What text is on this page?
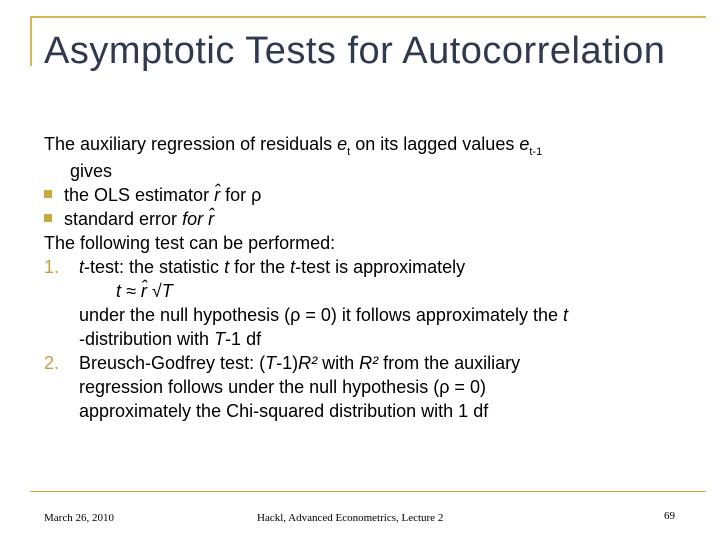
Asymptotic Tests for Autocorrelation
The auxiliary regression of residuals $e_t$ on its lagged values $e_{t-1}$
gives
the OLS estimator r̂ for ρ
standard error for r̂
The following test can be performed:
1. t-test: the statistic t for the t-test is approximately
t ≈ r̂ √T
under the null hypothesis (ρ = 0) it follows approximately the t
-distribution with T-1 df
2. Breusch-Godfrey test: (T-1)R² with R² from the auxiliary
regression follows under the null hypothesis (ρ = 0)
approximately the Chi-squared distribution with 1 df
March 26, 2010	Hackl, Advanced Econometrics, Lecture 2	69
